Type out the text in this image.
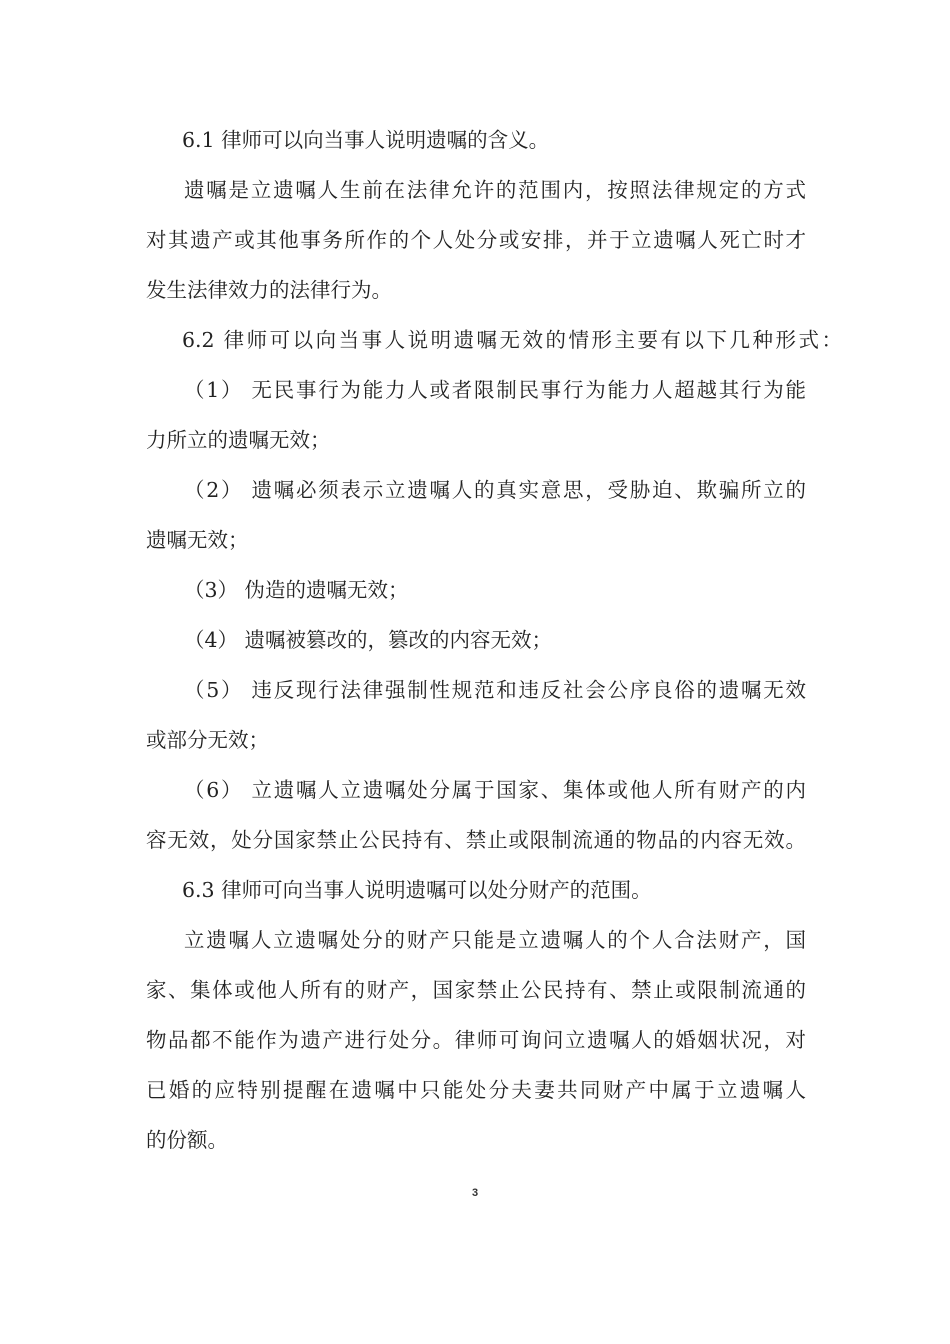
6.1 律师可以向当事人说明遗嘱的含义。
遗嘱是立遗嘱人生前在法律允许的范围内，按照法律规定的方式
对其遗产或其他事务所作的个人处分或安排，并于立遗嘱人死亡时才
发生法律效力的法律行为。
6.2 律师可以向当事人说明遗嘱无效的情形主要有以下几种形式：
（1） 无民事行为能力人或者限制民事行为能力人超越其行为能
力所立的遗嘱无效；
（2） 遗嘱必须表示立遗嘱人的真实意思，受胁迫、欺骗所立的
遗嘱无效；
（3） 伪造的遗嘱无效；
（4） 遗嘱被篡改的，篡改的内容无效；
（5） 违反现行法律强制性规范和违反社会公序良俗的遗嘱无效
或部分无效；
（6） 立遗嘱人立遗嘱处分属于国家、集体或他人所有财产的内
容无效，处分国家禁止公民持有、禁止或限制流通的物品的内容无效。
6.3 律师可向当事人说明遗嘱可以处分财产的范围。
立遗嘱人立遗嘱处分的财产只能是立遗嘱人的个人合法财产，国
家、集体或他人所有的财产，国家禁止公民持有、禁止或限制流通的
物品都不能作为遗产进行处分。律师可询问立遗嘱人的婚姻状况，对
已婚的应特别提醒在遗嘱中只能处分夫妻共同财产中属于立遗嘱人
的份额。
3
